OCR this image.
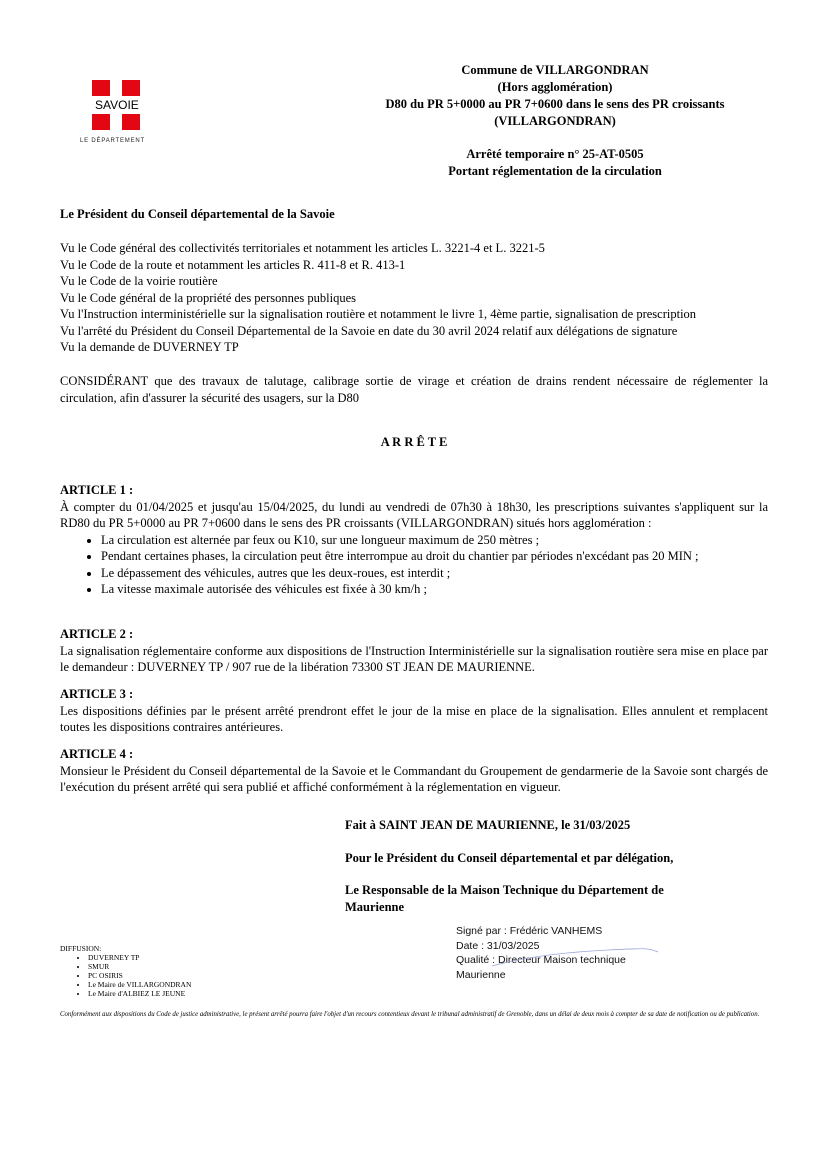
SAVOIE
LE DÉPARTEMENT
Commune de VILLARGONDRAN
(Hors agglomération)
D80 du PR 5+0000 au PR 7+0600 dans le sens des PR croissants
(VILLARGONDRAN)
Arrêté temporaire n° 25-AT-0505
Portant réglementation de la circulation
Le Président du Conseil départemental de la Savoie
Vu le Code général des collectivités territoriales et notamment les articles L. 3221-4 et L. 3221-5
Vu le Code de la route et notamment les articles R. 411-8 et R. 413-1
Vu le Code de la voirie routière
Vu le Code général de la propriété des personnes publiques
Vu l'Instruction interministérielle sur la signalisation routière et notamment le livre 1, 4ème partie, signalisation de prescription
Vu l'arrêté du Président du Conseil Départemental de la Savoie en date du 30 avril 2024 relatif aux délégations de signature
Vu la demande de DUVERNEY TP
CONSIDÉRANT que des travaux de talutage, calibrage sortie de virage et création de drains rendent nécessaire de réglementer la circulation, afin d'assurer la sécurité des usagers, sur la D80
A R R Ê T E
ARTICLE 1 :
À compter du 01/04/2025 et jusqu'au 15/04/2025, du lundi au vendredi de 07h30 à 18h30, les prescriptions suivantes s'appliquent sur la RD80 du PR 5+0000 au PR 7+0600 dans le sens des PR croissants (VILLARGONDRAN) situés hors agglomération :
• La circulation est alternée par feux ou K10, sur une longueur maximum de 250 mètres ;
• Pendant certaines phases, la circulation peut être interrompue au droit du chantier par périodes n'excédant pas 20 MIN ;
• Le dépassement des véhicules, autres que les deux-roues, est interdit ;
• La vitesse maximale autorisée des véhicules est fixée à 30 km/h ;
ARTICLE 2 :
La signalisation réglementaire conforme aux dispositions de l'Instruction Interministérielle sur la signalisation routière sera mise en place par le demandeur : DUVERNEY TP / 907 rue de la libération 73300 ST JEAN DE MAURIENNE.
ARTICLE 3 :
Les dispositions définies par le présent arrêté prendront effet le jour de la mise en place de la signalisation. Elles annulent et remplacent toutes les dispositions contraires antérieures.
ARTICLE 4 :
Monsieur le Président du Conseil départemental de la Savoie et le Commandant du Groupement de gendarmerie de la Savoie sont chargés de l'exécution du présent arrêté qui sera publié et affiché conformément à la réglementation en vigueur.
Fait à SAINT JEAN DE MAURIENNE, le 31/03/2025
Pour le Président du Conseil départemental et par délégation,
Le Responsable de la Maison Technique du Département de Maurienne
Signé par : Frédéric VANHEMS
Date : 31/03/2025
Qualité : Directeur Maison technique Maurienne
DIFFUSION:
• DUVERNEY TP
• SMUR
• PC OSIRIS
• Le Maire de VILLARGONDRAN
• Le Maire d'ALBIEZ LE JEUNE
Conformément aux dispositions du Code de justice administrative, le présent arrêté pourra faire l'objet d'un recours contentieux devant le tribunal administratif de Grenoble, dans un délai de deux mois à compter de sa date de notification ou de publication.
